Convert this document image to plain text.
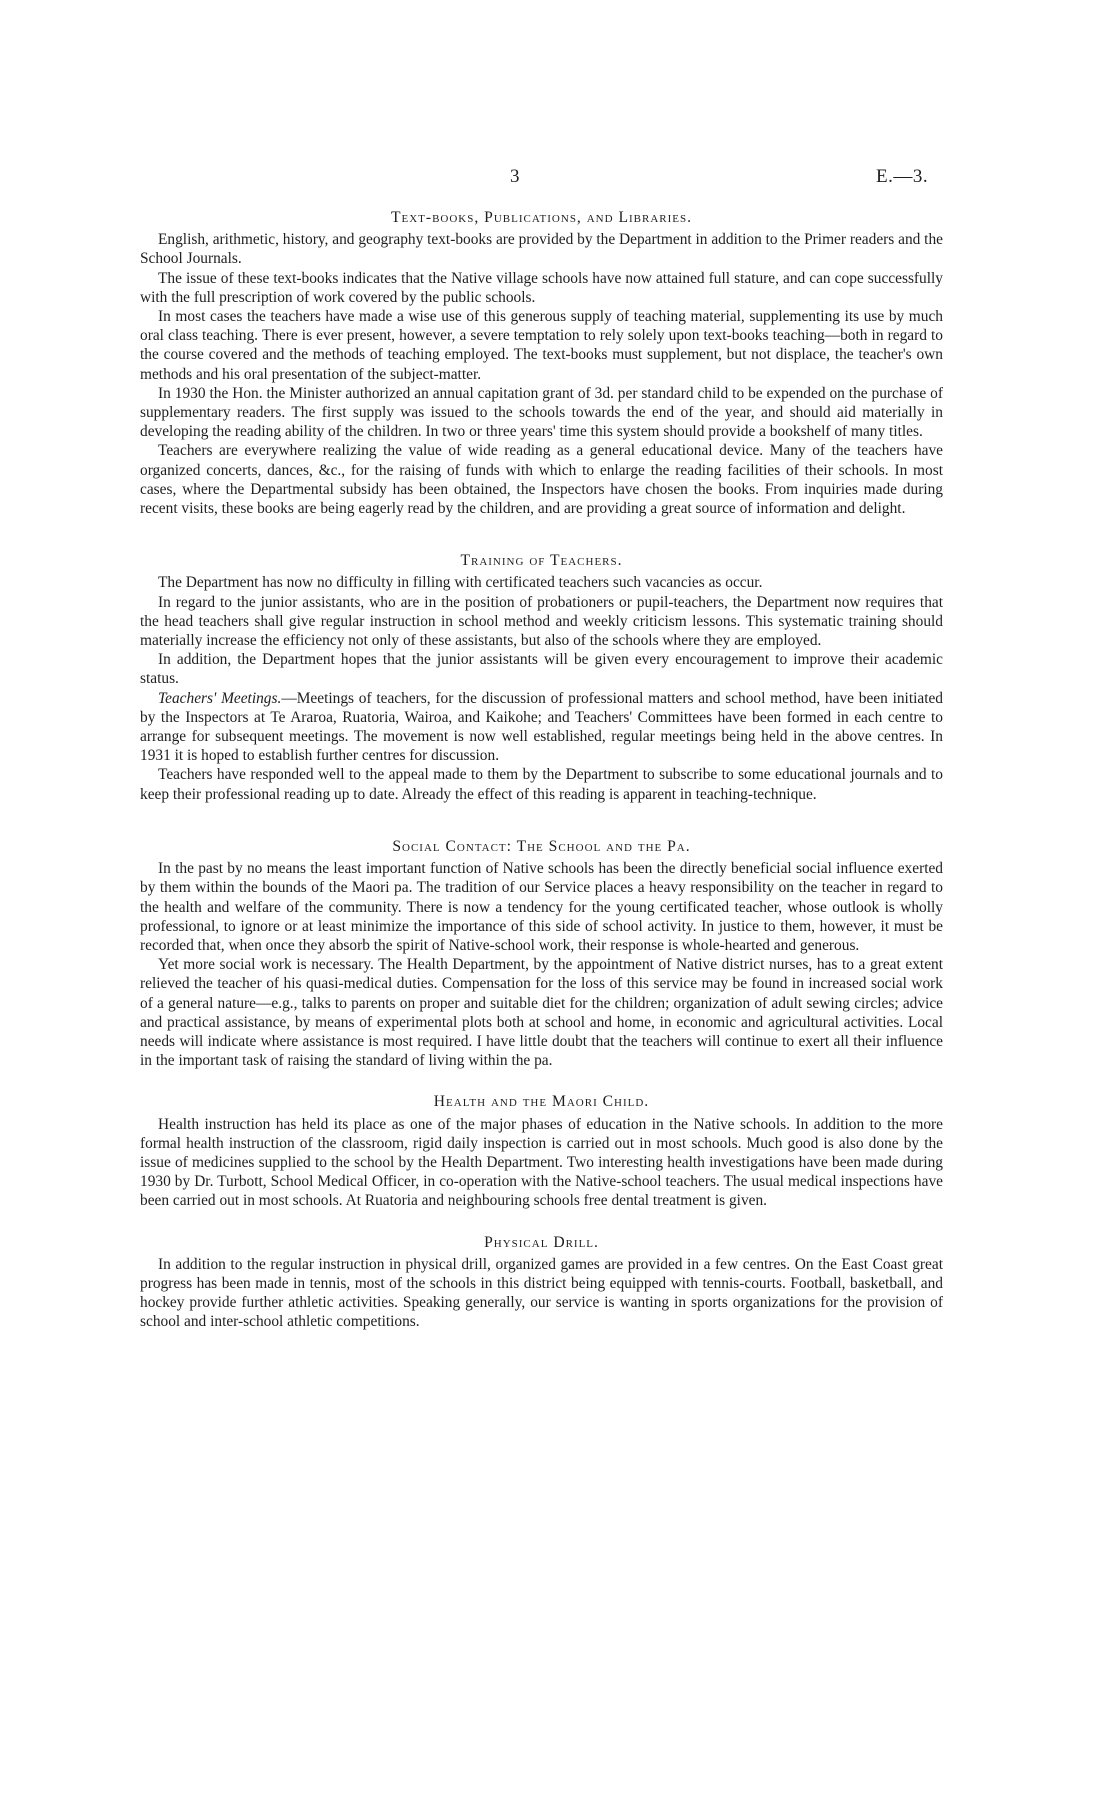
3	E.—3.
Text-books, Publications, and Libraries.

English, arithmetic, history, and geography text-books are provided by the Department in addition to the Primer readers and the School Journals.

The issue of these text-books indicates that the Native village schools have now attained full stature, and can cope successfully with the full prescription of work covered by the public schools.

In most cases the teachers have made a wise use of this generous supply of teaching material, supplementing its use by much oral class teaching. There is ever present, however, a severe temptation to rely solely upon text-books teaching—both in regard to the course covered and the methods of teaching employed. The text-books must supplement, but not displace, the teacher's own methods and his oral presentation of the subject-matter.

In 1930 the Hon. the Minister authorized an annual capitation grant of 3d. per standard child to be expended on the purchase of supplementary readers. The first supply was issued to the schools towards the end of the year, and should aid materially in developing the reading ability of the children. In two or three years' time this system should provide a bookshelf of many titles.

Teachers are everywhere realizing the value of wide reading as a general educational device. Many of the teachers have organized concerts, dances, &c., for the raising of funds with which to enlarge the reading facilities of their schools. In most cases, where the Departmental subsidy has been obtained, the Inspectors have chosen the books. From inquiries made during recent visits, these books are being eagerly read by the children, and are providing a great source of information and delight.

Training of Teachers.

The Department has now no difficulty in filling with certificated teachers such vacancies as occur.

In regard to the junior assistants, who are in the position of probationers or pupil-teachers, the Department now requires that the head teachers shall give regular instruction in school method and weekly criticism lessons. This systematic training should materially increase the efficiency not only of these assistants, but also of the schools where they are employed.

In addition, the Department hopes that the junior assistants will be given every encouragement to improve their academic status.

Teachers' Meetings.—Meetings of teachers, for the discussion of professional matters and school method, have been initiated by the Inspectors at Te Araroa, Ruatoria, Wairoa, and Kaikohe; and Teachers' Committees have been formed in each centre to arrange for subsequent meetings. The movement is now well established, regular meetings being held in the above centres. In 1931 it is hoped to establish further centres for discussion.

Teachers have responded well to the appeal made to them by the Department to subscribe to some educational journals and to keep their professional reading up to date. Already the effect of this reading is apparent in teaching-technique.

Social Contact: The School and the Pa.

In the past by no means the least important function of Native schools has been the directly beneficial social influence exerted by them within the bounds of the Maori pa. The tradition of our Service places a heavy responsibility on the teacher in regard to the health and welfare of the community. There is now a tendency for the young certificated teacher, whose outlook is wholly professional, to ignore or at least minimize the importance of this side of school activity. In justice to them, however, it must be recorded that, when once they absorb the spirit of Native-school work, their response is whole-hearted and generous.

Yet more social work is necessary. The Health Department, by the appointment of Native district nurses, has to a great extent relieved the teacher of his quasi-medical duties. Compensation for the loss of this service may be found in increased social work of a general nature—e.g., talks to parents on proper and suitable diet for the children; organization of adult sewing circles; advice and practical assistance, by means of experimental plots both at school and home, in economic and agricultural activities. Local needs will indicate where assistance is most required. I have little doubt that the teachers will continue to exert all their influence in the important task of raising the standard of living within the pa.

Health and the Maori Child.

Health instruction has held its place as one of the major phases of education in the Native schools. In addition to the more formal health instruction of the classroom, rigid daily inspection is carried out in most schools. Much good is also done by the issue of medicines supplied to the school by the Health Department. Two interesting health investigations have been made during 1930 by Dr. Turbott, School Medical Officer, in co-operation with the Native-school teachers. The usual medical inspections have been carried out in most schools. At Ruatoria and neighbouring schools free dental treatment is given.

Physical Drill.

In addition to the regular instruction in physical drill, organized games are provided in a few centres. On the East Coast great progress has been made in tennis, most of the schools in this district being equipped with tennis-courts. Football, basketball, and hockey provide further athletic activities. Speaking generally, our service is wanting in sports organizations for the provision of school and inter-school athletic competitions.
